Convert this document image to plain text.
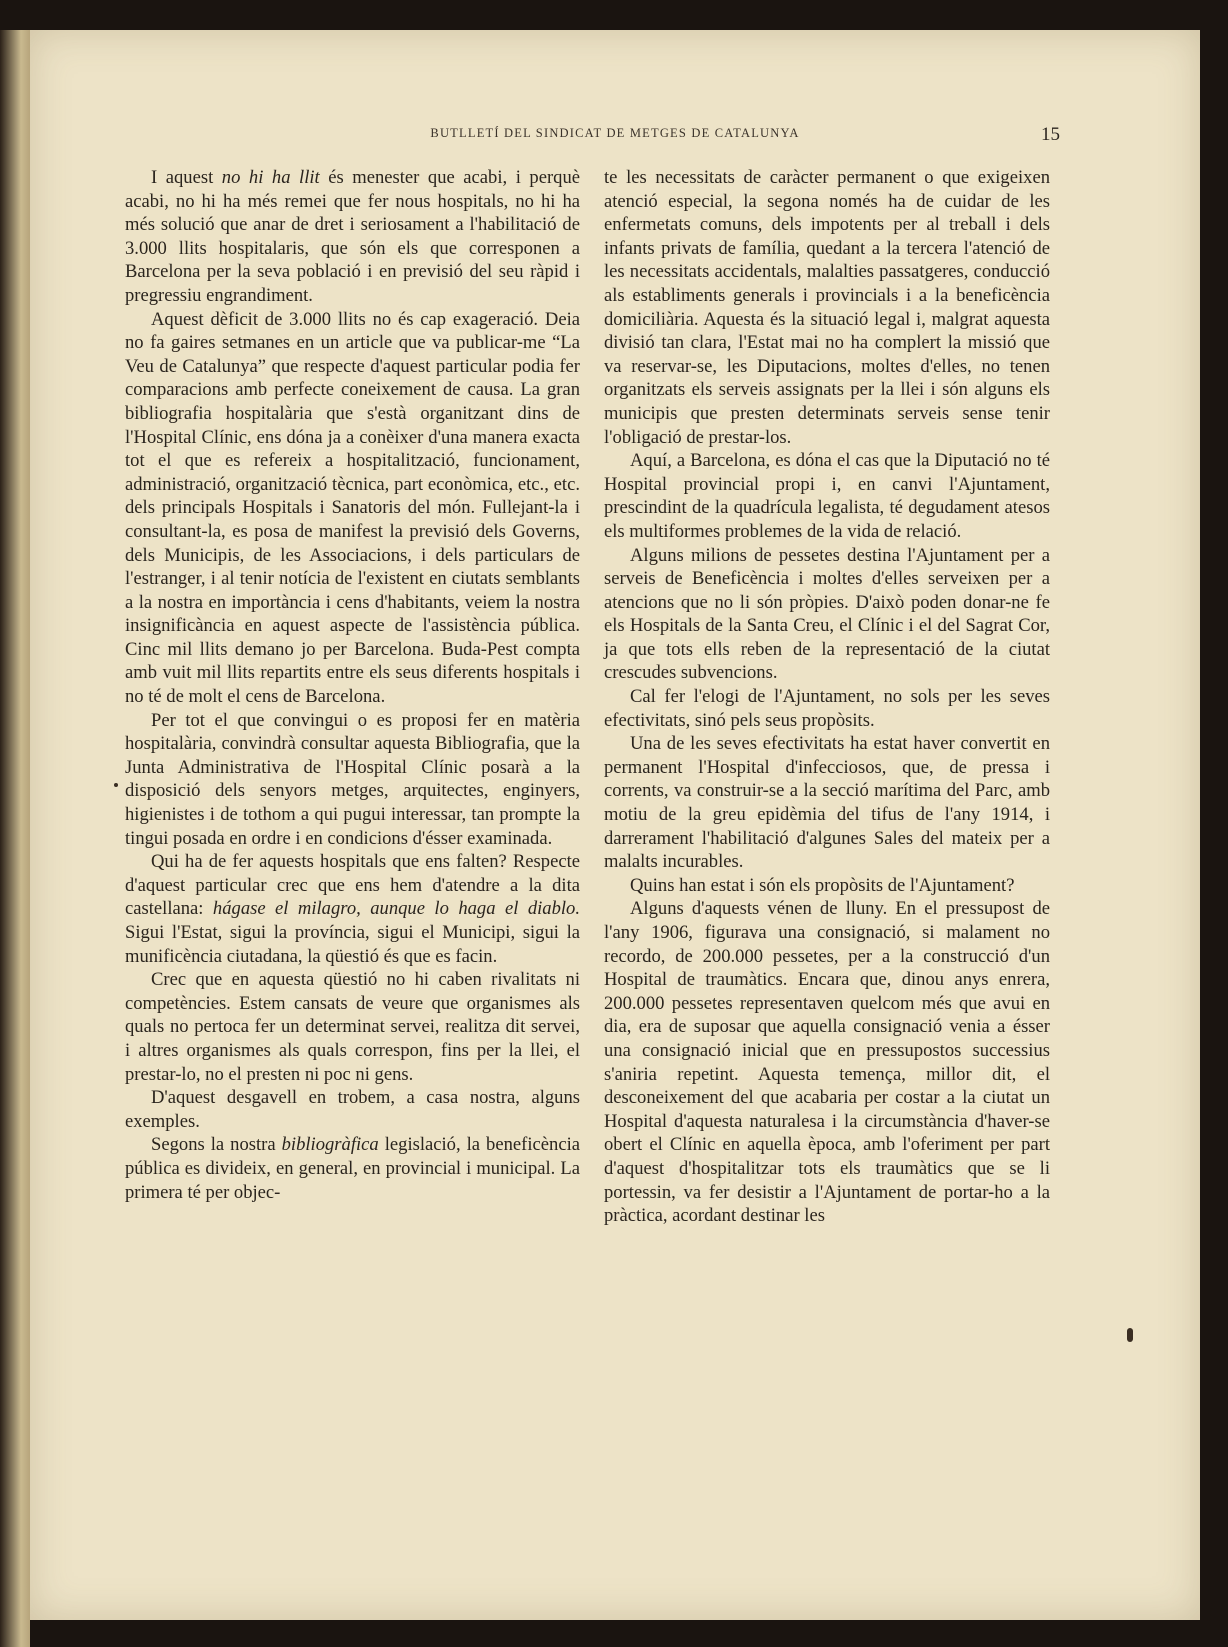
BUTLLETÍ DEL SINDICAT DE METGES DE CATALUNYA	15

I aquest no hi ha llit és menester que acabi, i perquè acabi, no hi ha més remei que fer nous hospitals, no hi ha més solució que anar de dret i seriosament a l'habilitació de 3.000 llits hospitalaris, que són els que corresponen a Barcelona per la seva població i en previsió del seu ràpid i pregressiu engrandiment.

Aquest dèficit de 3.000 llits no és cap exageració. Deia no fa gaires setmanes en un article que va publicar-me “La Veu de Catalunya” que respecte d'aquest particular podia fer comparacions amb perfecte coneixement de causa. La gran bibliografia hospitalària que s'està organitzant dins de l'Hospital Clínic, ens dóna ja a conèixer d'una manera exacta tot el que es refereix a hospitalització, funcionament, administració, organització tècnica, part econòmica, etc., etc. dels principals Hospitals i Sanatoris del món. Fullejant-la i consultant-la, es posa de manifest la previsió dels Governs, dels Municipis, de les Associacions, i dels particulars de l'estranger, i al tenir notícia de l'existent en ciutats semblants a la nostra en importància i cens d'habitants, veiem la nostra insignificància en aquest aspecte de l'assistència pública. Cinc mil llits demano jo per Barcelona. Buda-Pest compta amb vuit mil llits repartits entre els seus diferents hospitals i no té de molt el cens de Barcelona.

Per tot el que convingui o es proposi fer en matèria hospitalària, convindrà consultar aquesta Bibliografia, que la Junta Administrativa de l'Hospital Clínic posarà a la disposició dels senyors metges, arquitectes, enginyers, higienistes i de tothom a qui pugui interessar, tan prompte la tingui posada en ordre i en condicions d'ésser examinada.

Qui ha de fer aquests hospitals que ens falten? Respecte d'aquest particular crec que ens hem d'atendre a la dita castellana: hágase el milagro, aunque lo haga el diablo. Sigui l'Estat, sigui la província, sigui el Municipi, sigui la munificència ciutadana, la qüestió és que es facin.

Crec que en aquesta qüestió no hi caben rivalitats ni competències. Estem cansats de veure que organismes als quals no pertoca fer un determinat servei, realitza dit servei, i altres organismes als quals correspon, fins per la llei, el prestar-lo, no el presten ni poc ni gens.

D'aquest desgavell en trobem, a casa nostra, alguns exemples.

Segons la nostra bibliogràfica legislació, la beneficència pública es divideix, en general, en provincial i municipal. La primera té per objec-

te les necessitats de caràcter permanent o que exigeixen atenció especial, la segona només ha de cuidar de les enfermetats comuns, dels impotents per al treball i dels infants privats de família, quedant a la tercera l'atenció de les necessitats accidentals, malalties passatgeres, conducció als establiments generals i provincials i a la beneficència domiciliària. Aquesta és la situació legal i, malgrat aquesta divisió tan clara, l'Estat mai no ha complert la missió que va reservar-se, les Diputacions, moltes d'elles, no tenen organitzats els serveis assignats per la llei i són alguns els municipis que presten determinats serveis sense tenir l'obligació de prestar-los.

Aquí, a Barcelona, es dóna el cas que la Diputació no té Hospital provincial propi i, en canvi l'Ajuntament, prescindint de la quadrícula legalista, té degudament atesos els multiformes problemes de la vida de relació.

Alguns milions de pessetes destina l'Ajuntament per a serveis de Beneficència i moltes d'elles serveixen per a atencions que no li són pròpies. D'això poden donar-ne fe els Hospitals de la Santa Creu, el Clínic i el del Sagrat Cor, ja que tots ells reben de la representació de la ciutat crescudes subvencions.

Cal fer l'elogi de l'Ajuntament, no sols per les seves efectivitats, sinó pels seus propòsits.

Una de les seves efectivitats ha estat haver convertit en permanent l'Hospital d'infecciosos, que, de pressa i corrents, va construir-se a la secció marítima del Parc, amb motiu de la greu epidèmia del tifus de l'any 1914, i darrerament l'habilitació d'algunes Sales del mateix per a malalts incurables.

Quins han estat i són els propòsits de l'Ajuntament?

Alguns d'aquests vénen de lluny. En el pressupost de l'any 1906, figurava una consignació, si malament no recordo, de 200.000 pessetes, per a la construcció d'un Hospital de traumàtics. Encara que, dinou anys enrera, 200.000 pessetes representaven quelcom més que avui en dia, era de suposar que aquella consignació venia a ésser una consignació inicial que en pressupostos successius s'aniria repetint. Aquesta temença, millor dit, el desconeixement del que acabaria per costar a la ciutat un Hospital d'aquesta naturalesa i la circumstància d'haver-se obert el Clínic en aquella època, amb l'oferiment per part d'aquest d'hospitalitzar tots els traumàtics que se li portessin, va fer desistir a l'Ajuntament de portar-ho a la pràctica, acordant destinar les
